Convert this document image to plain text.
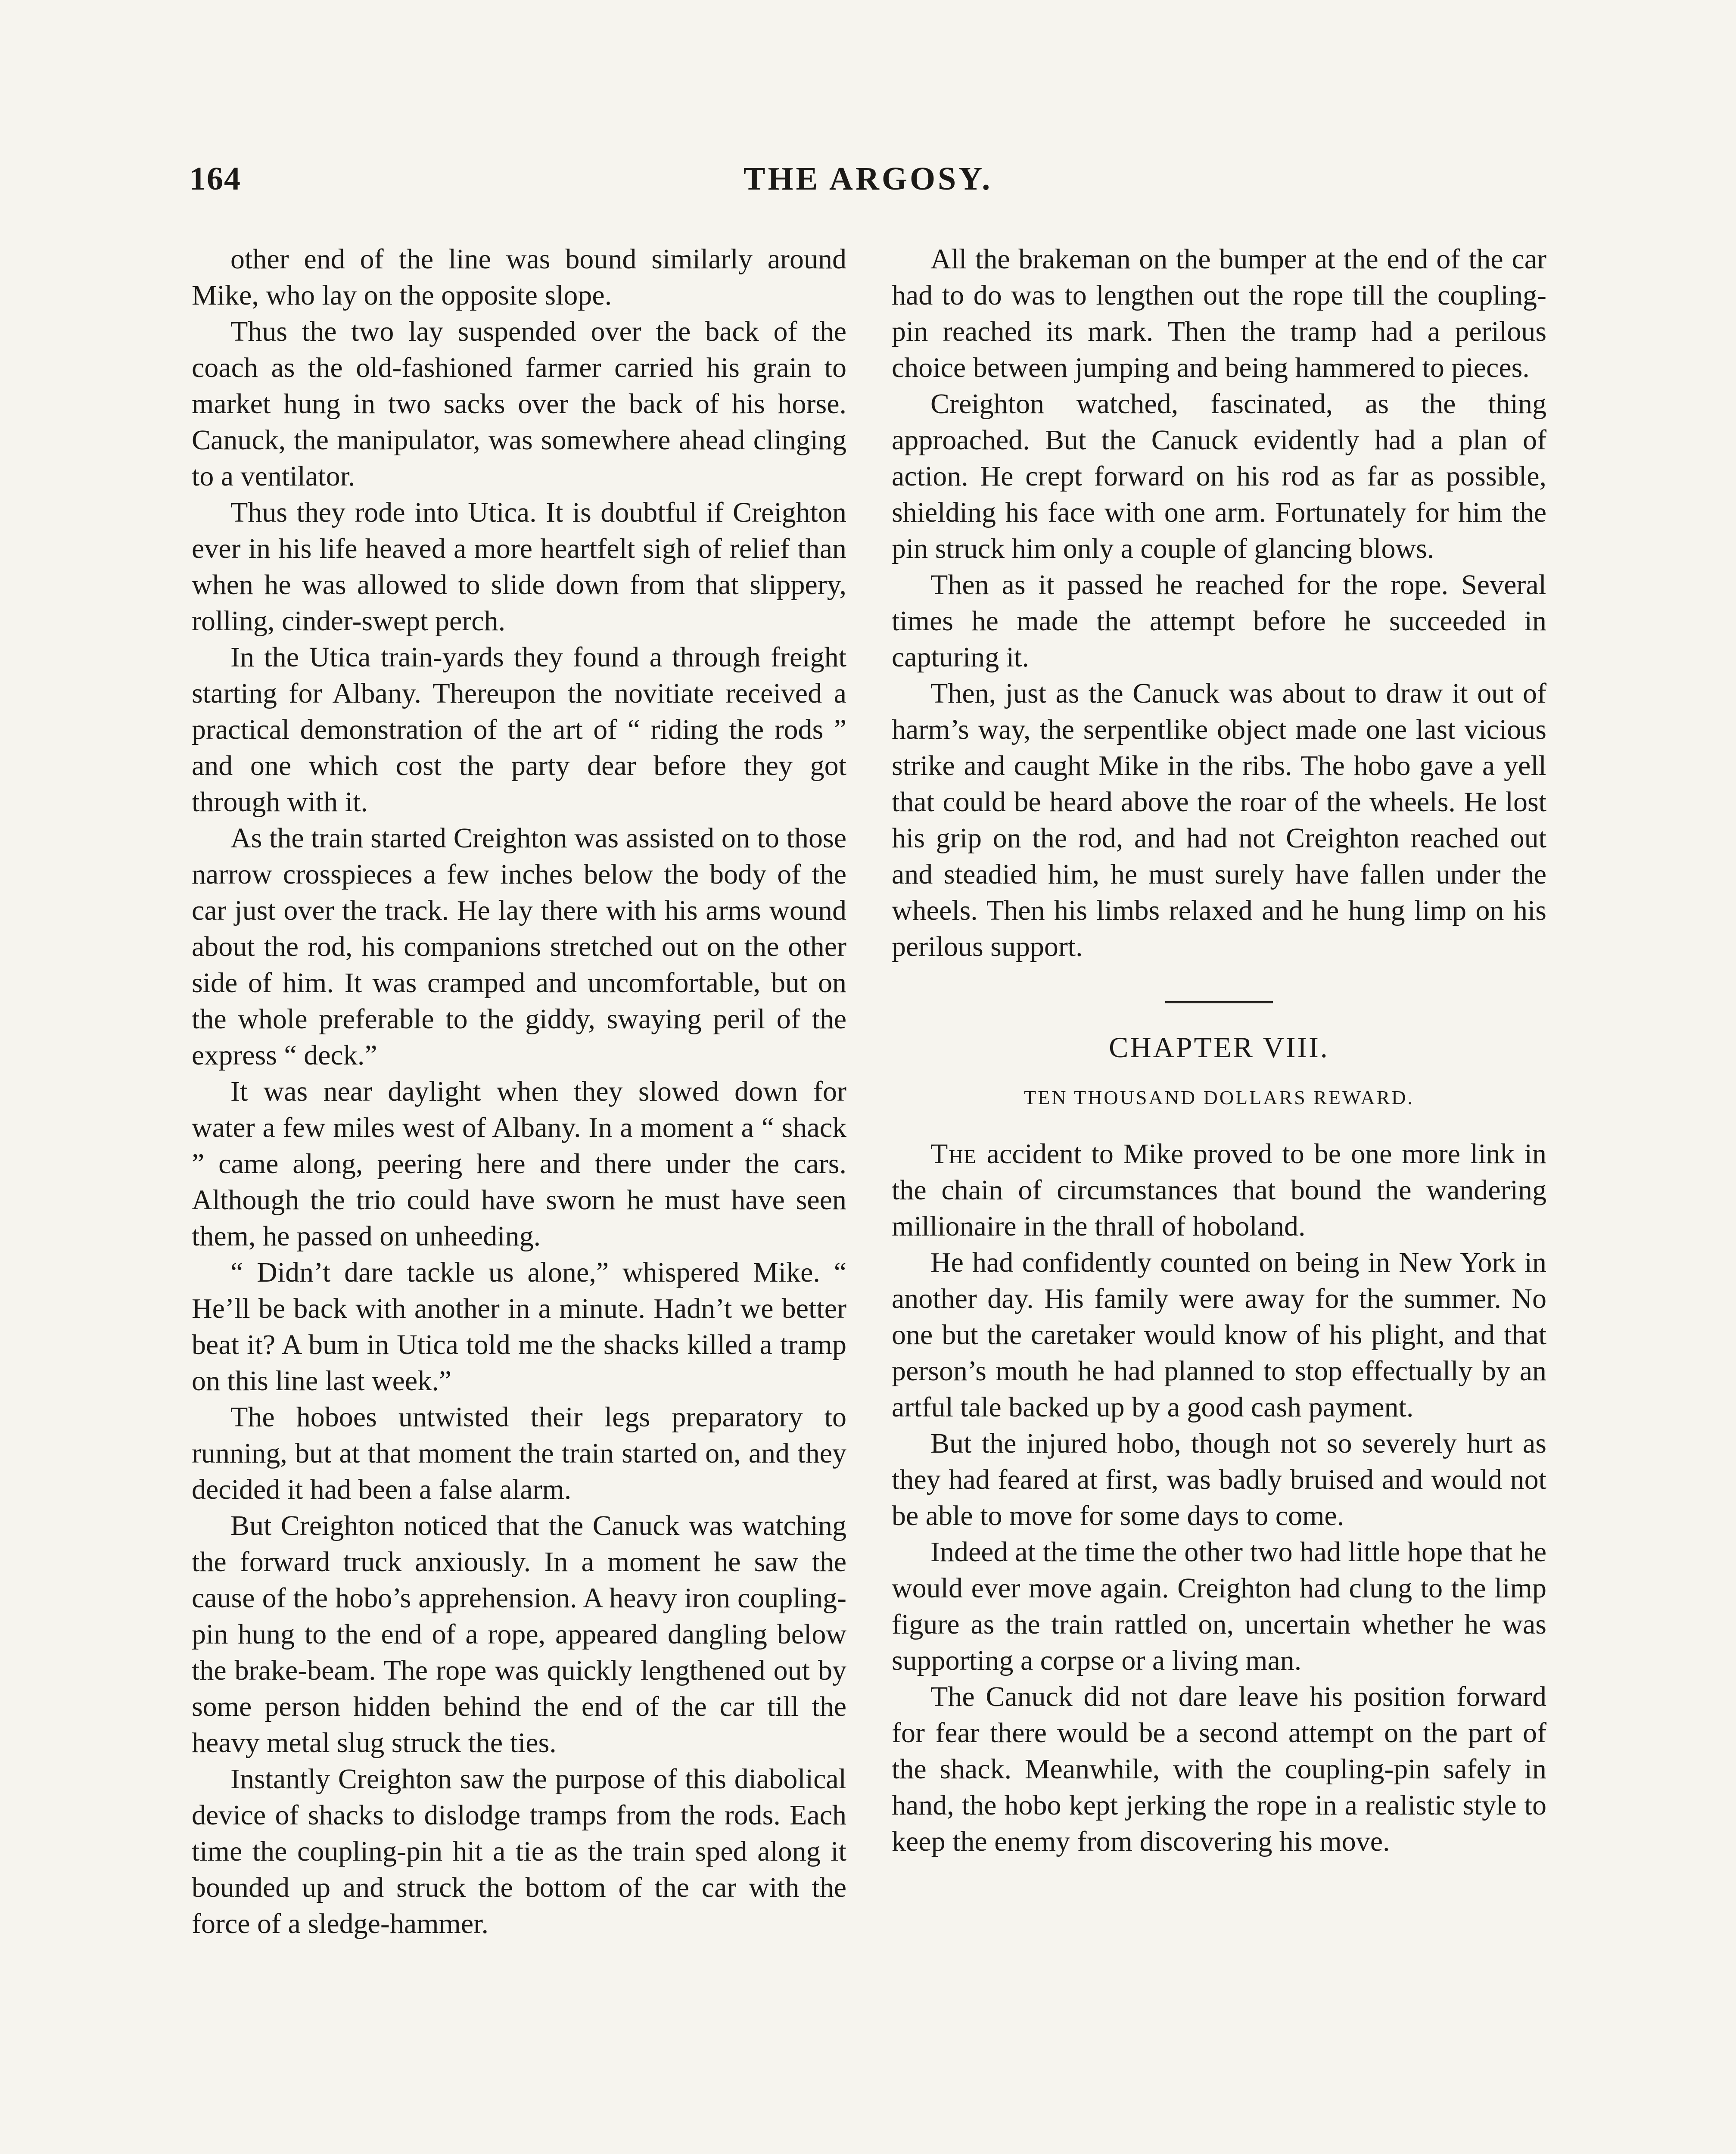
164	THE ARGOSY.

other end of the line was bound similarly around Mike, who lay on the opposite slope.

Thus the two lay suspended over the back of the coach as the old-fashioned farmer carried his grain to market hung in two sacks over the back of his horse. Canuck, the manipulator, was somewhere ahead clinging to a ventilator.

Thus they rode into Utica. It is doubtful if Creighton ever in his life heaved a more heartfelt sigh of relief than when he was allowed to slide down from that slippery, rolling, cinder-swept perch.

In the Utica train-yards they found a through freight starting for Albany. Thereupon the novitiate received a practical demonstration of the art of “ riding the rods ” and one which cost the party dear before they got through with it.

As the train started Creighton was assisted on to those narrow crosspieces a few inches below the body of the car just over the track. He lay there with his arms wound about the rod, his companions stretched out on the other side of him. It was cramped and uncomfortable, but on the whole preferable to the giddy, swaying peril of the express “ deck.”

It was near daylight when they slowed down for water a few miles west of Albany. In a moment a “ shack ” came along, peering here and there under the cars. Although the trio could have sworn he must have seen them, he passed on unheeding.

“ Didn’t dare tackle us alone,” whispered Mike. “ He’ll be back with another in a minute. Hadn’t we better beat it? A bum in Utica told me the shacks killed a tramp on this line last week.”

The hoboes untwisted their legs preparatory to running, but at that moment the train started on, and they decided it had been a false alarm.

But Creighton noticed that the Canuck was watching the forward truck anxiously. In a moment he saw the cause of the hobo’s apprehension. A heavy iron coupling-pin hung to the end of a rope, appeared dangling below the brake-beam. The rope was quickly lengthened out by some person hidden behind the end of the car till the heavy metal slug struck the ties.

Instantly Creighton saw the purpose of this diabolical device of shacks to dislodge tramps from the rods. Each time the coupling-pin hit a tie as the train sped along it bounded up and struck the bottom of the car with the force of a sledge-hammer.

All the brakeman on the bumper at the end of the car had to do was to lengthen out the rope till the coupling-pin reached its mark. Then the tramp had a perilous choice between jumping and being hammered to pieces.

Creighton watched, fascinated, as the thing approached. But the Canuck evidently had a plan of action. He crept forward on his rod as far as possible, shielding his face with one arm. Fortunately for him the pin struck him only a couple of glancing blows.

Then as it passed he reached for the rope. Several times he made the attempt before he succeeded in capturing it.

Then, just as the Canuck was about to draw it out of harm’s way, the serpentlike object made one last vicious strike and caught Mike in the ribs. The hobo gave a yell that could be heard above the roar of the wheels. He lost his grip on the rod, and had not Creighton reached out and steadied him, he must surely have fallen under the wheels. Then his limbs relaxed and he hung limp on his perilous support.

CHAPTER VIII.
TEN THOUSAND DOLLARS REWARD.

The accident to Mike proved to be one more link in the chain of circumstances that bound the wandering millionaire in the thrall of hoboland.

He had confidently counted on being in New York in another day. His family were away for the summer. No one but the caretaker would know of his plight, and that person’s mouth he had planned to stop effectually by an artful tale backed up by a good cash payment.

But the injured hobo, though not so severely hurt as they had feared at first, was badly bruised and would not be able to move for some days to come.

Indeed at the time the other two had little hope that he would ever move again. Creighton had clung to the limp figure as the train rattled on, uncertain whether he was supporting a corpse or a living man.

The Canuck did not dare leave his position forward for fear there would be a second attempt on the part of the shack. Meanwhile, with the coupling-pin safely in hand, the hobo kept jerking the rope in a realistic style to keep the enemy from discovering his move.
